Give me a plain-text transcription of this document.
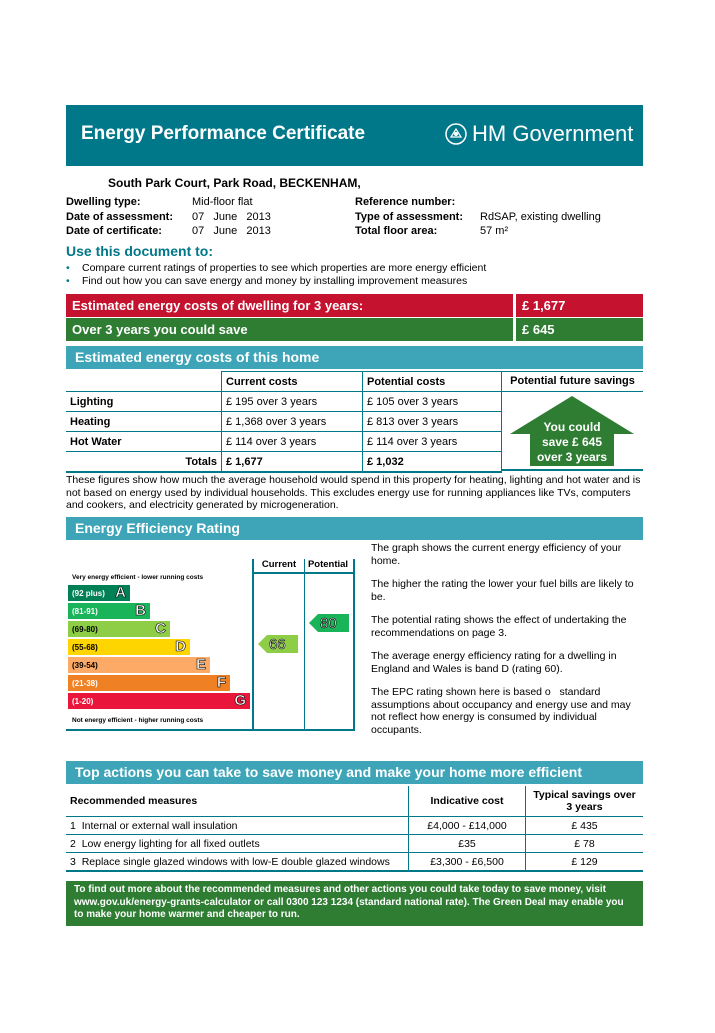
Energy Performance Certificate	HM Government
South Park Court, Park Road, BECKENHAM,
Dwelling type:	Mid-floor flat
Date of assessment: 07   June   2013
Date of certificate:	07   June   2013
Reference number:
Type of assessment: RdSAP, existing dwelling
Total floor area:	57 m²
Use this document to:
• Compare current ratings of properties to see which properties are more energy efficient
• Find out how you can save energy and money by installing improvement measures
Estimated energy costs of dwelling for 3 years:	£ 1,677
Over 3 years you could save	£ 645
Estimated energy costs of this home
	Current costs	Potential costs
Lighting	£ 195 over 3 years	£ 105 over 3 years
Heating	£ 1,368 over 3 years	£ 813 over 3 years
Hot Water	£ 114 over 3 years	£ 114 over 3 years
Totals	£ 1,677	£ 1,032
Potential future savings
You could
save £ 645
over 3 years
These figures show how much the average household would spend in this property for heating, lighting and hot water and is not based on energy used by individual households. This excludes energy use for running appliances like TVs, computers and cookers, and electricity generated by microgeneration.
Energy Efficiency Rating
Current	Potential
Very energy efficient - lower running costs
(92 plus) A
(81-91) B
(69-80)	C
(55-68)	D
(39-54)	E
(21-38)	F
(1-20)	G
Not energy efficient - higher running costs
66
80

The graph shows the current energy efficiency of your home.

The higher the rating the lower your fuel bills are likely to be.

The potential rating shows the effect of undertaking the recommendations on page 3.

The average energy efficiency rating for a dwelling in England and Wales is band D (rating 60).

The EPC rating shown here is based o   standard assumptions about occupancy and energy use and may not reflect how energy is consumed by individual occupants.

Top actions you can take to save money and make your home more efficient
Recommended measures	Indicative cost	Typical savings over 3 years
1 Internal or external wall insulation	£4,000 - £14,000	£ 435
2 Low energy lighting for all fixed outlets	£35	£ 78
3 Replace single glazed windows with low-E double glazed windows	£3,300 - £6,500	£ 129
To find out more about the recommended measures and other actions you could take today to save money, visit www.gov.uk/energy-grants-calculator or call 0300 123 1234 (standard national rate). The Green Deal may enable you to make your home warmer and cheaper to run.
